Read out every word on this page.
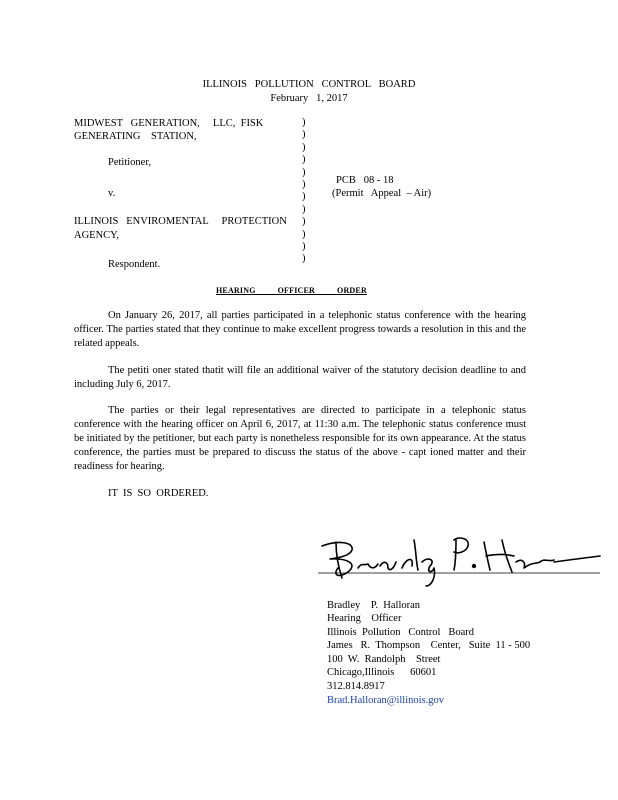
ILLINOIS   POLLUTION   CONTROL   BOARD
February   1, 2017
MIDWEST   GENERATION,     LLC,  FISK
GENERATING    STATION,
Petitioner,
v.
ILLINOIS   ENVIROMENTAL     PROTECTION
AGENCY,
Respondent.
)
)
)
)
)
)
)
)
)
)
)
)
PCB   08 - 18
(Permit   Appeal  – Air)
HEARING          OFFICER          ORDER
On January 26, 2017, all parties participated in a telephonic status conference with the hearing officer. The parties stated that they continue to make excellent progress towards a resolution in this and the related appeals.
The petiti oner stated thatit will file an additional waiver of the statutory decision deadline to and including July 6, 2017.
The parties or their legal representatives are directed to participate in a telephonic status conference with the hearing officer on April 6, 2017, at 11:30 a.m. The telephonic status conference must be initiated by the petitioner, but each party is nonetheless responsible for its own appearance. At the status conference, the parties must be prepared to discuss the status of the above - capt ioned matter and their readiness for hearing.
IT  IS  SO  ORDERED.
Bradley    P.  Halloran
Hearing    Officer
Illinois  Pollution   Control   Board
James   R.  Thompson    Center,   Suite  11 - 500
100  W.  Randolph    Street
Chicago,Illinois      60601
312.814.8917
Brad.Halloran@illinois.gov
